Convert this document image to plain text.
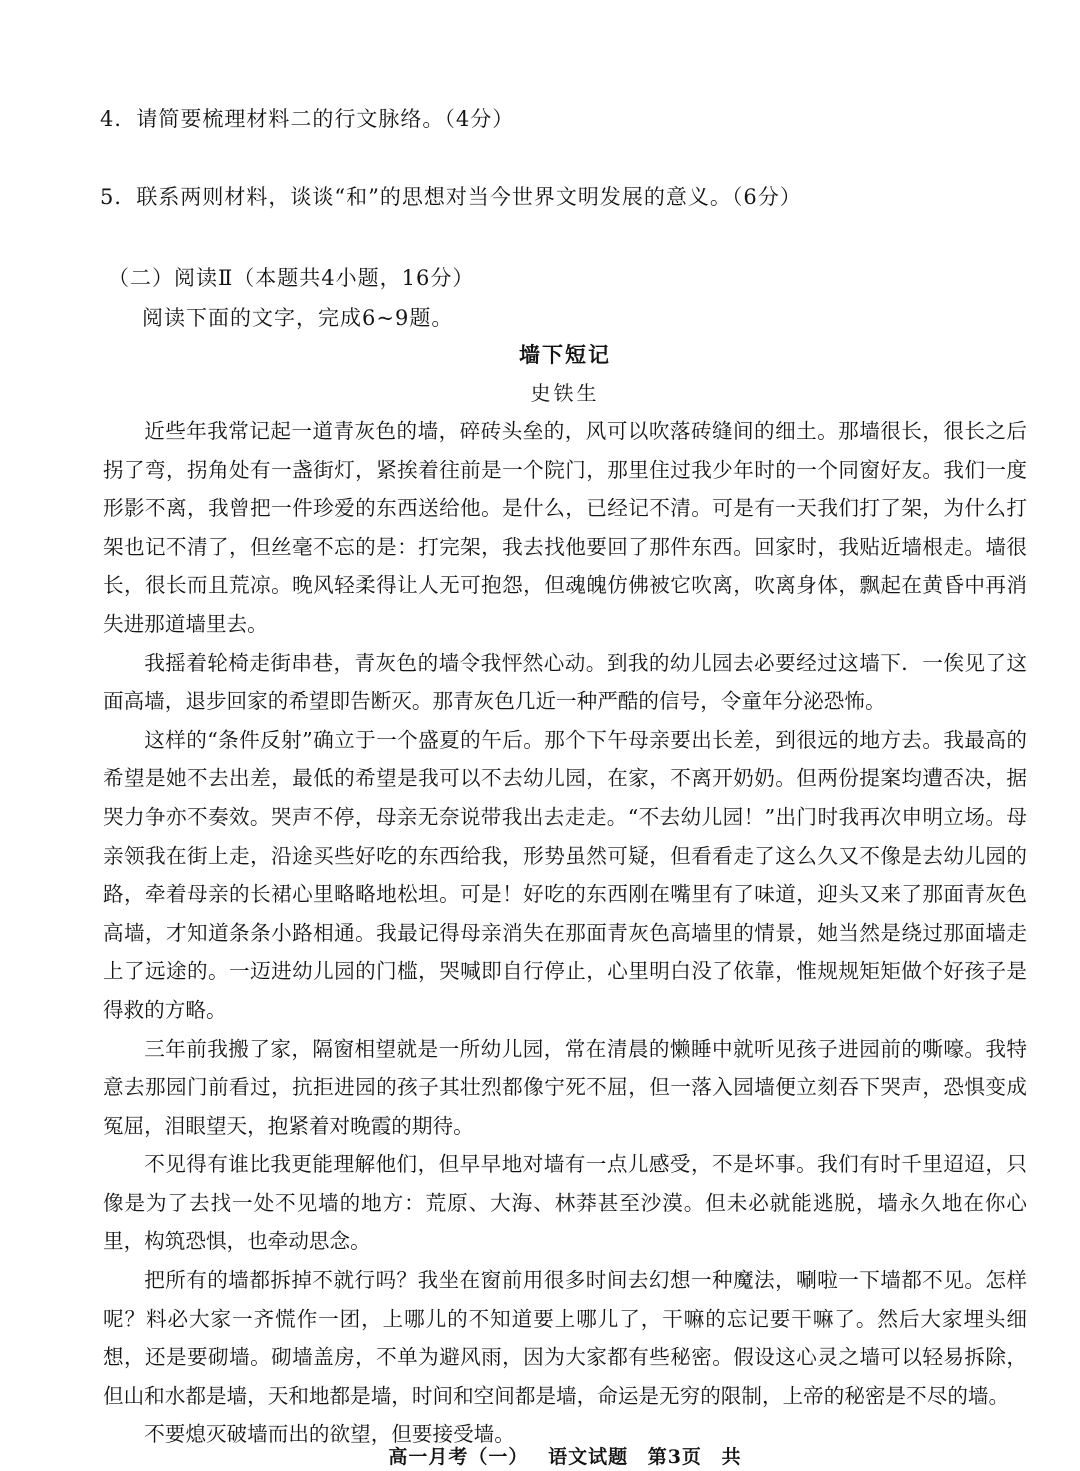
4．请简要梳理材料二的行文脉络。（4分）
5．联系两则材料，谈谈“和”的思想对当今世界文明发展的意义。（6分）
（二）阅读Ⅱ（本题共4小题，16分）
阅读下面的文字，完成6~9题。
墙下短记
史铁生

近些年我常记起一道青灰色的墙，碎砖头垒的，风可以吹落砖缝间的细土。那墙很长，很长之后拐了弯，拐角处有一盏街灯，紧挨着往前是一个院门，那里住过我少年时的一个同窗好友。我们一度形影不离，我曾把一件珍爱的东西送给他。是什么，已经记不清。可是有一天我们打了架，为什么打架也记不清了，但丝毫不忘的是：打完架，我去找他要回了那件东西。回家时，我贴近墙根走。墙很长，很长而且荒凉。晚风轻柔得让人无可抱怨，但魂魄仿佛被它吹离，吹离身体，飘起在黄昏中再消失进那道墙里去。

我摇着轮椅走街串巷，青灰色的墙令我怦然心动。到我的幼儿园去必要经过这墙下．一俟见了这面高墙，退步回家的希望即告断灭。那青灰色几近一种严酷的信号，令童年分泌恐怖。

这样的“条件反射”确立于一个盛夏的午后。那个下午母亲要出长差，到很远的地方去。我最高的希望是她不去出差，最低的希望是我可以不去幼儿园，在家，不离开奶奶。但两份提案均遭否决，据哭力争亦不奏效。哭声不停，母亲无奈说带我出去走走。“不去幼儿园！”出门时我再次申明立场。母亲领我在街上走，沿途买些好吃的东西给我，形势虽然可疑，但看看走了这么久又不像是去幼儿园的路，牵着母亲的长裙心里略略地松坦。可是！好吃的东西刚在嘴里有了味道，迎头又来了那面青灰色高墙，才知道条条小路相通。我最记得母亲消失在那面青灰色高墙里的情景，她当然是绕过那面墙走上了远途的。一迈进幼儿园的门槛，哭喊即自行停止，心里明白没了依靠，惟规规矩矩做个好孩子是得救的方略。

三年前我搬了家，隔窗相望就是一所幼儿园，常在清晨的懒睡中就听见孩子进园前的嘶嚎。我特意去那园门前看过，抗拒进园的孩子其壮烈都像宁死不屈，但一落入园墙便立刻吞下哭声，恐惧变成冤屈，泪眼望天，抱紧着对晚霞的期待。

不见得有谁比我更能理解他们，但早早地对墙有一点儿感受，不是坏事。我们有时千里迢迢，只像是为了去找一处不见墙的地方：荒原、大海、林莽甚至沙漠。但未必就能逃脱，墙永久地在你心里，构筑恐惧，也牵动思念。

把所有的墙都拆掉不就行吗？我坐在窗前用很多时间去幻想一种魔法，唰啦一下墙都不见。怎样呢？料必大家一齐慌作一团，上哪儿的不知道要上哪儿了，干嘛的忘记要干嘛了。然后大家埋头细想，还是要砌墙。砌墙盖房，不单为避风雨，因为大家都有些秘密。假设这心灵之墙可以轻易拆除，但山和水都是墙，天和地都是墙，时间和空间都是墙，命运是无穷的限制，上帝的秘密是不尽的墙。

不要熄灭破墙而出的欲望，但要接受墙。

高一月考（一） 语文试题 第3页 共
